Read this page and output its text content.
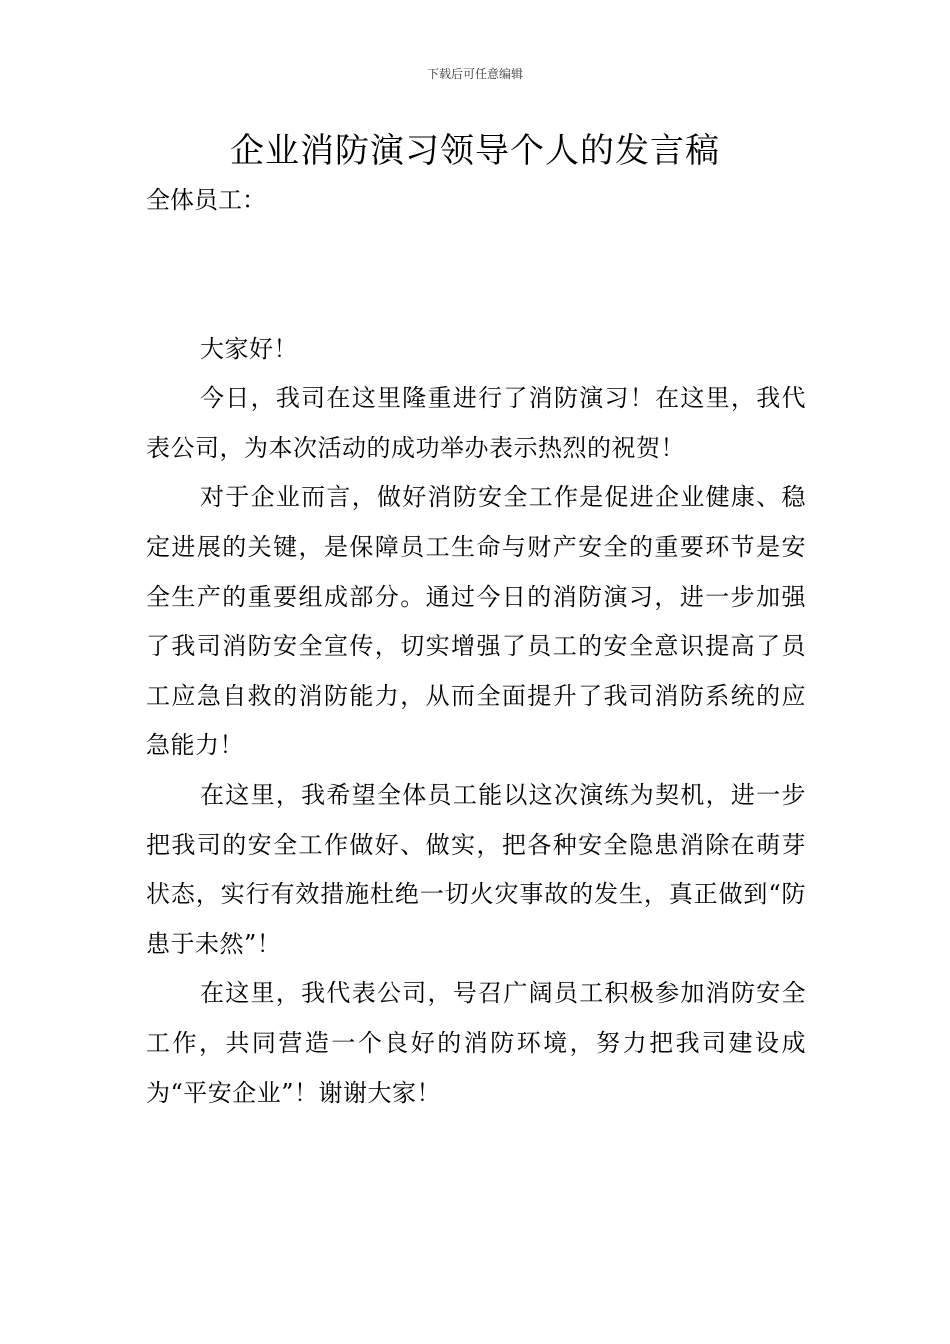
下载后可任意编辑
企业消防演习领导个人的发言稿

全体员工：

大家好！

今日，我司在这里隆重进行了消防演习！在这里，我代表公司，为本次活动的成功举办表示热烈的祝贺！

对于企业而言，做好消防安全工作是促进企业健康、稳定进展的关键，是保障员工生命与财产安全的重要环节是安全生产的重要组成部分。通过今日的消防演习，进一步加强了我司消防安全宣传，切实增强了员工的安全意识提高了员工应急自救的消防能力，从而全面提升了我司消防系统的应急能力！

在这里，我希望全体员工能以这次演练为契机，进一步把我司的安全工作做好、做实，把各种安全隐患消除在萌芽状态，实行有效措施杜绝一切火灾事故的发生，真正做到“防患于未然”！

在这里，我代表公司，号召广阔员工积极参加消防安全工作，共同营造一个良好的消防环境，努力把我司建设成为“平安企业”！谢谢大家！
